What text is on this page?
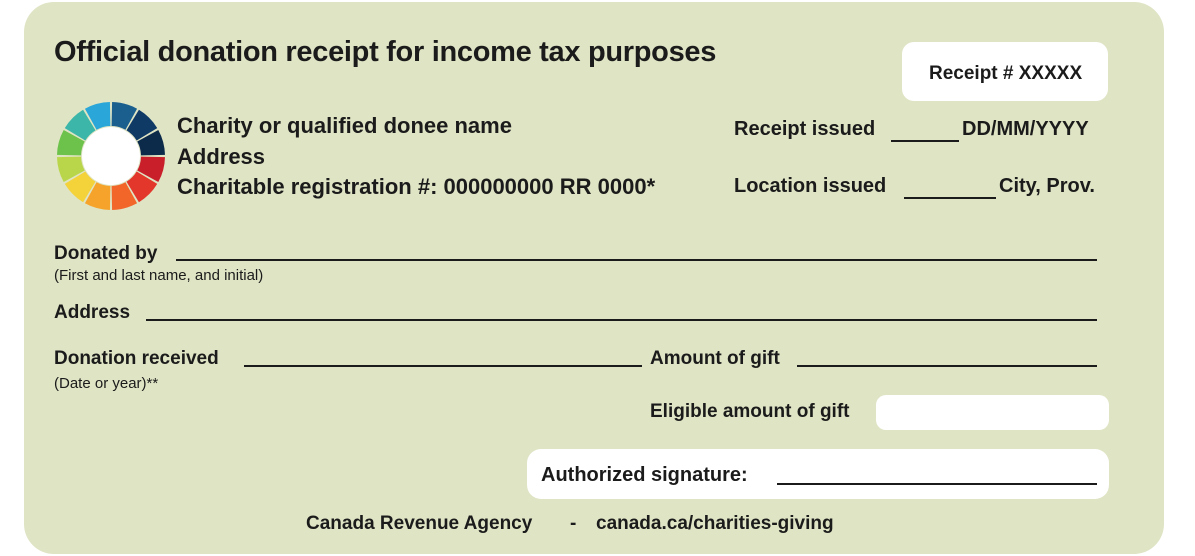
Official donation receipt for income tax purposes
Receipt # XXXXX
Charity or qualified donee name
Address
Charitable registration #: 000000000 RR 0000*
Receipt issued	DD/MM/YYYY
Location issued	City, Prov.
Donated by
(First and last name, and initial)
Address
Donation received
(Date or year)**
Amount of gift
Eligible amount of gift
Authorized signature:
Canada Revenue Agency - canada.ca/charities-giving
